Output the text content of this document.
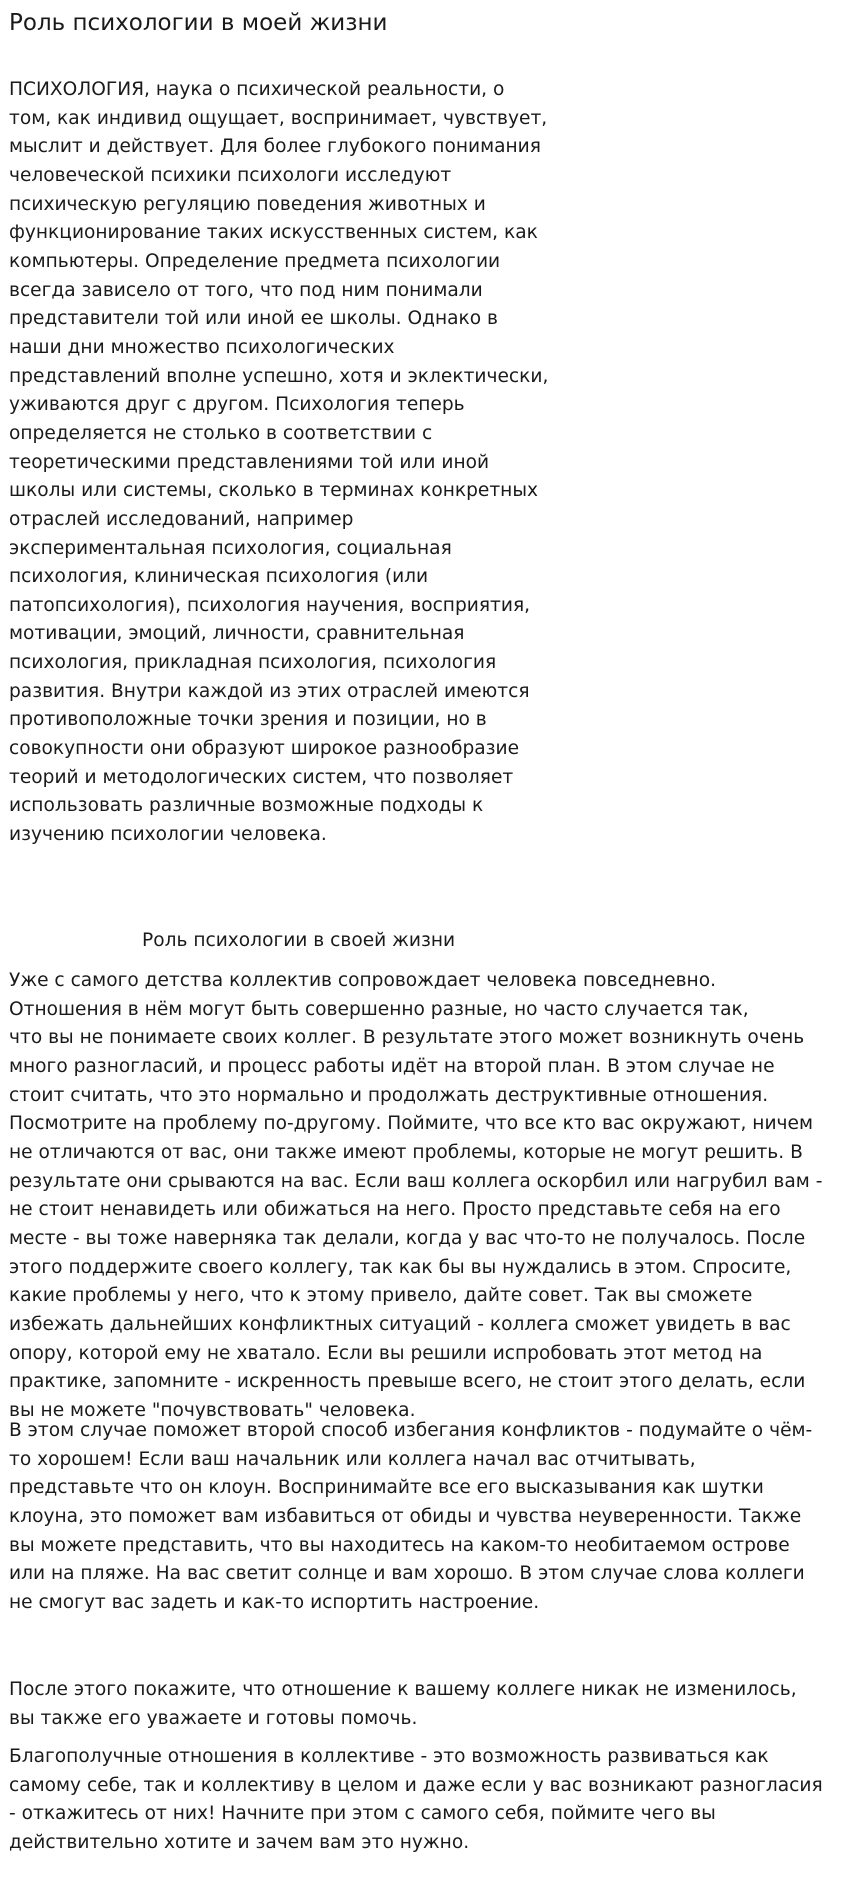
Роль психологии в моей жизни

ПСИХОЛОГИЯ, наука о психической реальности, о
том, как индивид ощущает, воспринимает, чувствует,
мыслит и действует. Для более глубокого понимания
человеческой психики психологи исследуют
психическую регуляцию поведения животных и
функционирование таких искусственных систем, как
компьютеры. Определение предмета психологии
всегда зависело от того, что под ним понимали
представители той или иной ее школы. Однако в
наши дни множество психологических
представлений вполне успешно, хотя и эклектически,
уживаются друг с другом. Психология теперь
определяется не столько в соответствии с
теоретическими представлениями той или иной
школы или системы, сколько в терминах конкретных
отраслей исследований, например
экспериментальная психология, социальная
психология, клиническая психология (или
патопсихология), психология научения, восприятия,
мотивации, эмоций, личности, сравнительная
психология, прикладная психология, психология
развития. Внутри каждой из этих отраслей имеются
противоположные точки зрения и позиции, но в
совокупности они образуют широкое разнообразие
теорий и методологических систем, что позволяет
использовать различные возможные подходы к
изучению психологии человека.

Роль психологии в своей жизни

Уже с самого детства коллектив сопровождает человека повседневно.
Отношения в нём могут быть совершенно разные, но часто случается так,
что вы не понимаете своих коллег. В результате этого может возникнуть очень
много разногласий, и процесс работы идёт на второй план. В этом случае не
стоит считать, что это нормально и продолжать деструктивные отношения.
Посмотрите на проблему по-другому. Поймите, что все кто вас окружают, ничем
не отличаются от вас, они также имеют проблемы, которые не могут решить. В
результате они срываются на вас. Если ваш коллега оскорбил или нагрубил вам -
не стоит ненавидеть или обижаться на него. Просто представьте себя на его
месте - вы тоже наверняка так делали, когда у вас что-то не получалось. После
этого поддержите своего коллегу, так как бы вы нуждались в этом. Спросите,
какие проблемы у него, что к этому привело, дайте совет. Так вы сможете
избежать дальнейших конфликтных ситуаций - коллега сможет увидеть в вас
опору, которой ему не хватало. Если вы решили испробовать этот метод на
практике, запомните - искренность превыше всего, не стоит этого делать, если
вы не можете "почувствовать" человека.

В этом случае поможет второй способ избегания конфликтов - подумайте о чём-
то хорошем! Если ваш начальник или коллега начал вас отчитывать,
представьте что он клоун. Воспринимайте все его высказывания как шутки
клоуна, это поможет вам избавиться от обиды и чувства неуверенности. Также
вы можете представить, что вы находитесь на каком-то необитаемом острове
или на пляже. На вас светит солнце и вам хорошо. В этом случае слова коллеги
не смогут вас задеть и как-то испортить настроение.

После этого покажите, что отношение к вашему коллеге никак не изменилось,
вы также его уважаете и готовы помочь.

Благополучные отношения в коллективе - это возможность развиваться как
самому себе, так и коллективу в целом и даже если у вас возникают разногласия
- откажитесь от них! Начните при этом с самого себя, поймите чего вы
действительно хотите и зачем вам это нужно.
